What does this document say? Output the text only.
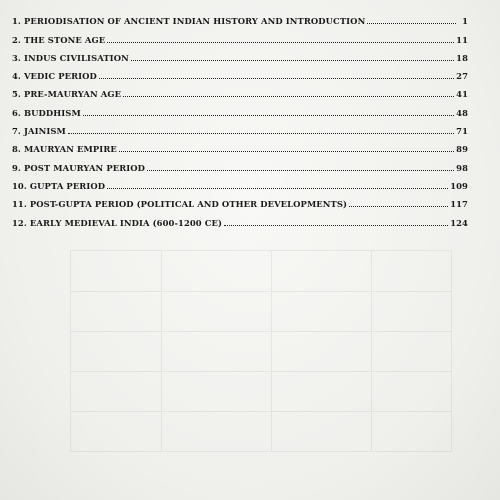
1. PERIODISATION OF ANCIENT INDIAN HISTORY AND INTRODUCTION	1
2. THE STONE AGE	11
3. INDUS CIVILISATION	18
4. VEDIC PERIOD	27
5. PRE-MAURYAN AGE	41
6. BUDDHISM	48
7. JAINISM	71
8. MAURYAN EMPIRE	89
9. POST MAURYAN PERIOD	98
10. GUPTA PERIOD	109
11. POST-GUPTA PERIOD (POLITICAL AND OTHER DEVELOPMENTS)	117
12. EARLY MEDIEVAL INDIA (600-1200 CE)	124
